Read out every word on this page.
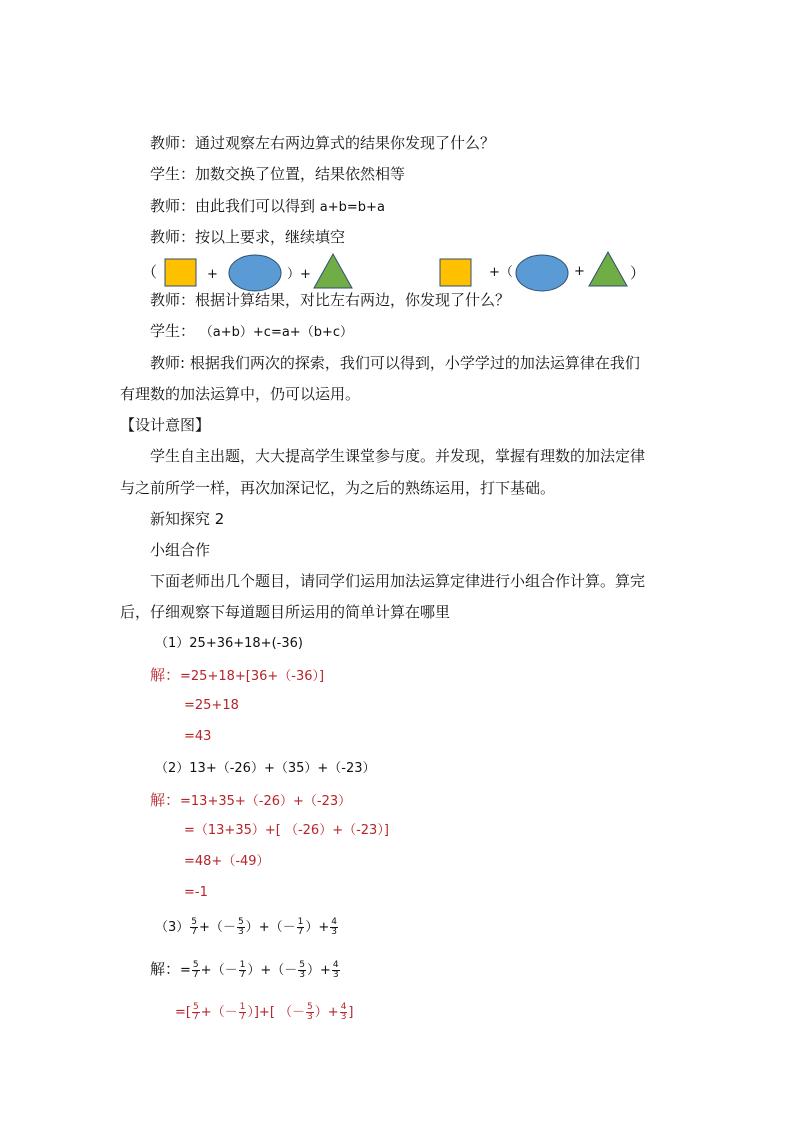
教师：通过观察左右两边算式的结果你发现了什么？
学生：加数交换了位置，结果依然相等
教师：由此我们可以得到 a+b=b+a
教师：按以上要求，继续填空
（	+	）+	+（	+	）
教师：根据计算结果，对比左右两边，你发现了什么？
学生： （a+b）+c=a+（b+c）
教师: 根据我们两次的探索，我们可以得到，小学学过的加法运算律在我们
有理数的加法运算中，仍可以运用。
【设计意图】
学生自主出题，大大提高学生课堂参与度。并发现，掌握有理数的加法定律
与之前所学一样，再次加深记忆，为之后的熟练运用，打下基础。
新知探究 2
小组合作
下面老师出几个题目，请同学们运用加法运算定律进行小组合作计算。算完
后，仔细观察下每道题目所运用的简单计算在哪里
（1）25+36+18+(-36)
解：=25+18+[36+（-36）]
=25+18
=43
（2）13+（-26）+（35）+（-23）
解：=13+35+（-26）+（-23）
=（13+35）+[ （-26）+（-23）]
=48+（-49）
=-1
$(3) \frac{5}{7}$ +（－ $\frac{5}{3}$ ）+（－ $\frac{1}{7}$ ）+ $\frac{4}{3}$
解：= $\frac{5}{7}$ +（－ $\frac{1}{7}$ ）+（－ $\frac{5}{3}$ ）+ $\frac{4}{3}$
=[ $\frac{5}{7}$ +（－ $\frac{1}{7}$ ）]+[ （－ $\frac{5}{3}$ ）+ $\frac{4}{3}$ ]
